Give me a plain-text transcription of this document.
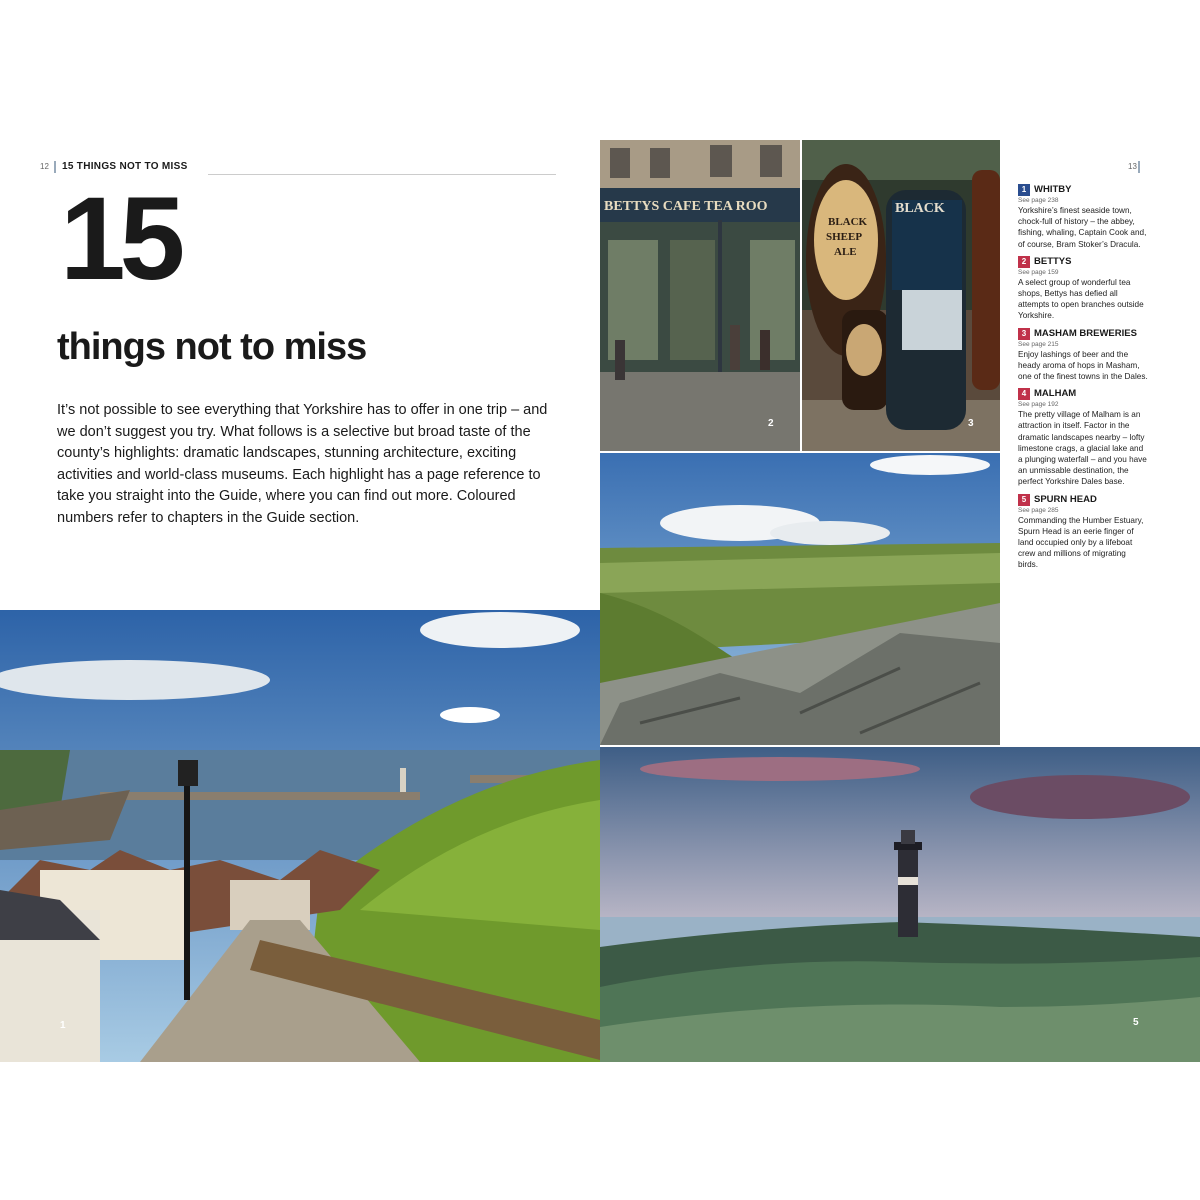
12 15 THINGS NOT TO MISS	13
15
things not to miss
It’s not possible to see everything that Yorkshire has to offer in one trip – and we don’t suggest you try. What follows is a selective but broad taste of the county’s highlights: dramatic landscapes, stunning architecture, exciting activities and world-class museums. Each highlight has a page reference to take you straight into the Guide, where you can find out more. Coloured numbers refer to chapters in the Guide section.
BETTYS CAFE TEA ROO
2
BLACK
SHEEP
ALE
BLACK
3
1	5
1 WHITBY
See page 238
Yorkshire’s finest seaside town, chock-full of history – the abbey, fishing, whaling, Captain Cook and, of course, Bram Stoker’s Dracula.
2 BETTYS
See page 159
A select group of wonderful tea shops, Bettys has defied all attempts to open branches outside Yorkshire.
3 MASHAM BREWERIES
See page 215
Enjoy lashings of beer and the heady aroma of hops in Masham, one of the finest towns in the Dales.
4 MALHAM
See page 192
The pretty village of Malham is an attraction in itself. Factor in the dramatic landscapes nearby – lofty limestone crags, a glacial lake and a plunging waterfall – and you have an unmissable destination, the perfect Yorkshire Dales base.
5 SPURN HEAD
See page 285
Commanding the Humber Estuary, Spurn Head is an eerie finger of land occupied only by a lifeboat crew and millions of migrating birds.
